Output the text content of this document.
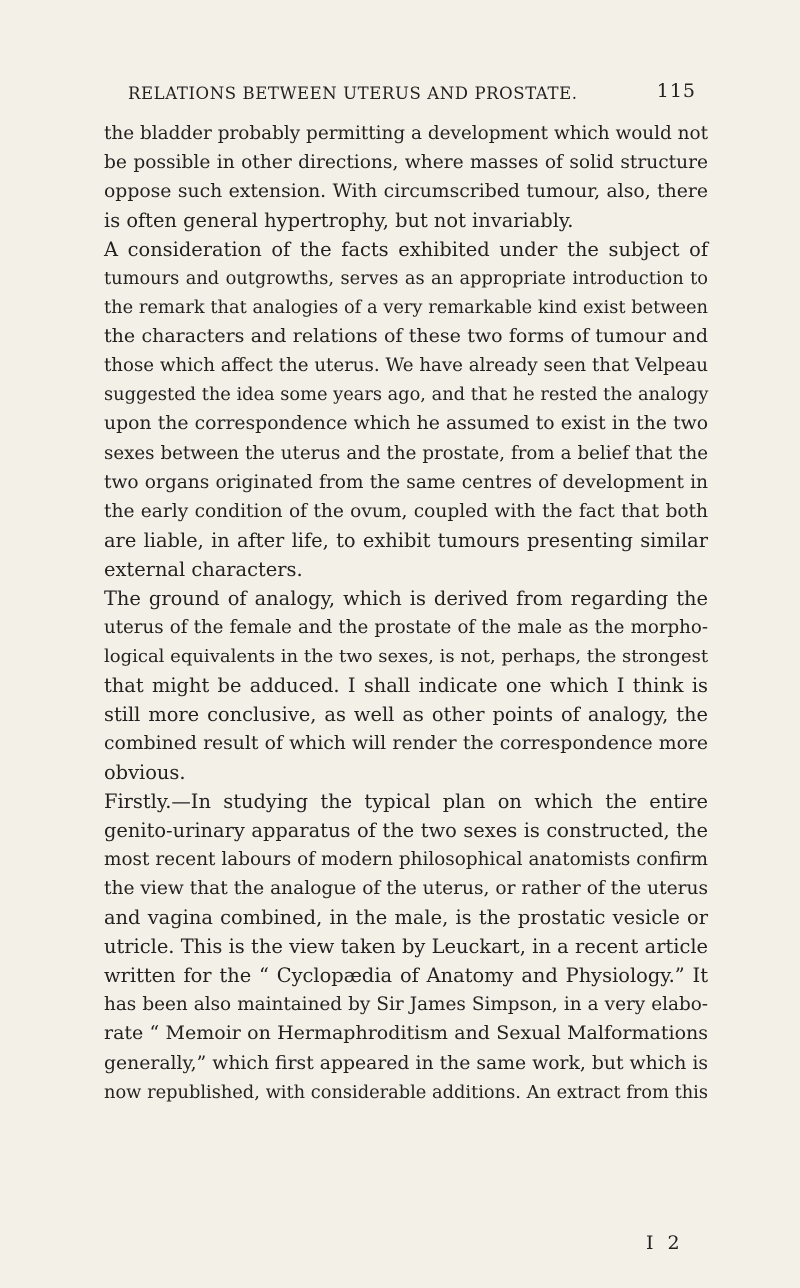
RELATIONS BETWEEN UTERUS AND PROSTATE.	115
the bladder probably permitting a development which would not
be possible in other directions, where masses of solid structure
oppose such extension. With circumscribed tumour, also, there
is often general hypertrophy, but not invariably.
A consideration of the facts exhibited under the subject of
tumours and outgrowths, serves as an appropriate introduction to
the remark that analogies of a very remarkable kind exist between
the characters and relations of these two forms of tumour and
those which affect the uterus. We have already seen that Velpeau
suggested the idea some years ago, and that he rested the analogy
upon the correspondence which he assumed to exist in the two
sexes between the uterus and the prostate, from a belief that the
two organs originated from the same centres of development in
the early condition of the ovum, coupled with the fact that both
are liable, in after life, to exhibit tumours presenting similar
external characters.
The ground of analogy, which is derived from regarding the
uterus of the female and the prostate of the male as the morpho-
logical equivalents in the two sexes, is not, perhaps, the strongest
that might be adduced. I shall indicate one which I think is
still more conclusive, as well as other points of analogy, the
combined result of which will render the correspondence more
obvious.
Firstly.—In studying the typical plan on which the entire
genito-urinary apparatus of the two sexes is constructed, the
most recent labours of modern philosophical anatomists confirm
the view that the analogue of the uterus, or rather of the uterus
and vagina combined, in the male, is the prostatic vesicle or
utricle. This is the view taken by Leuckart, in a recent article
written for the “ Cyclopædia of Anatomy and Physiology.” It
has been also maintained by Sir James Simpson, in a very elabo-
rate “ Memoir on Hermaphroditism and Sexual Malformations
generally,” which first appeared in the same work, but which is
now republished, with considerable additions. An extract from this
I 2
